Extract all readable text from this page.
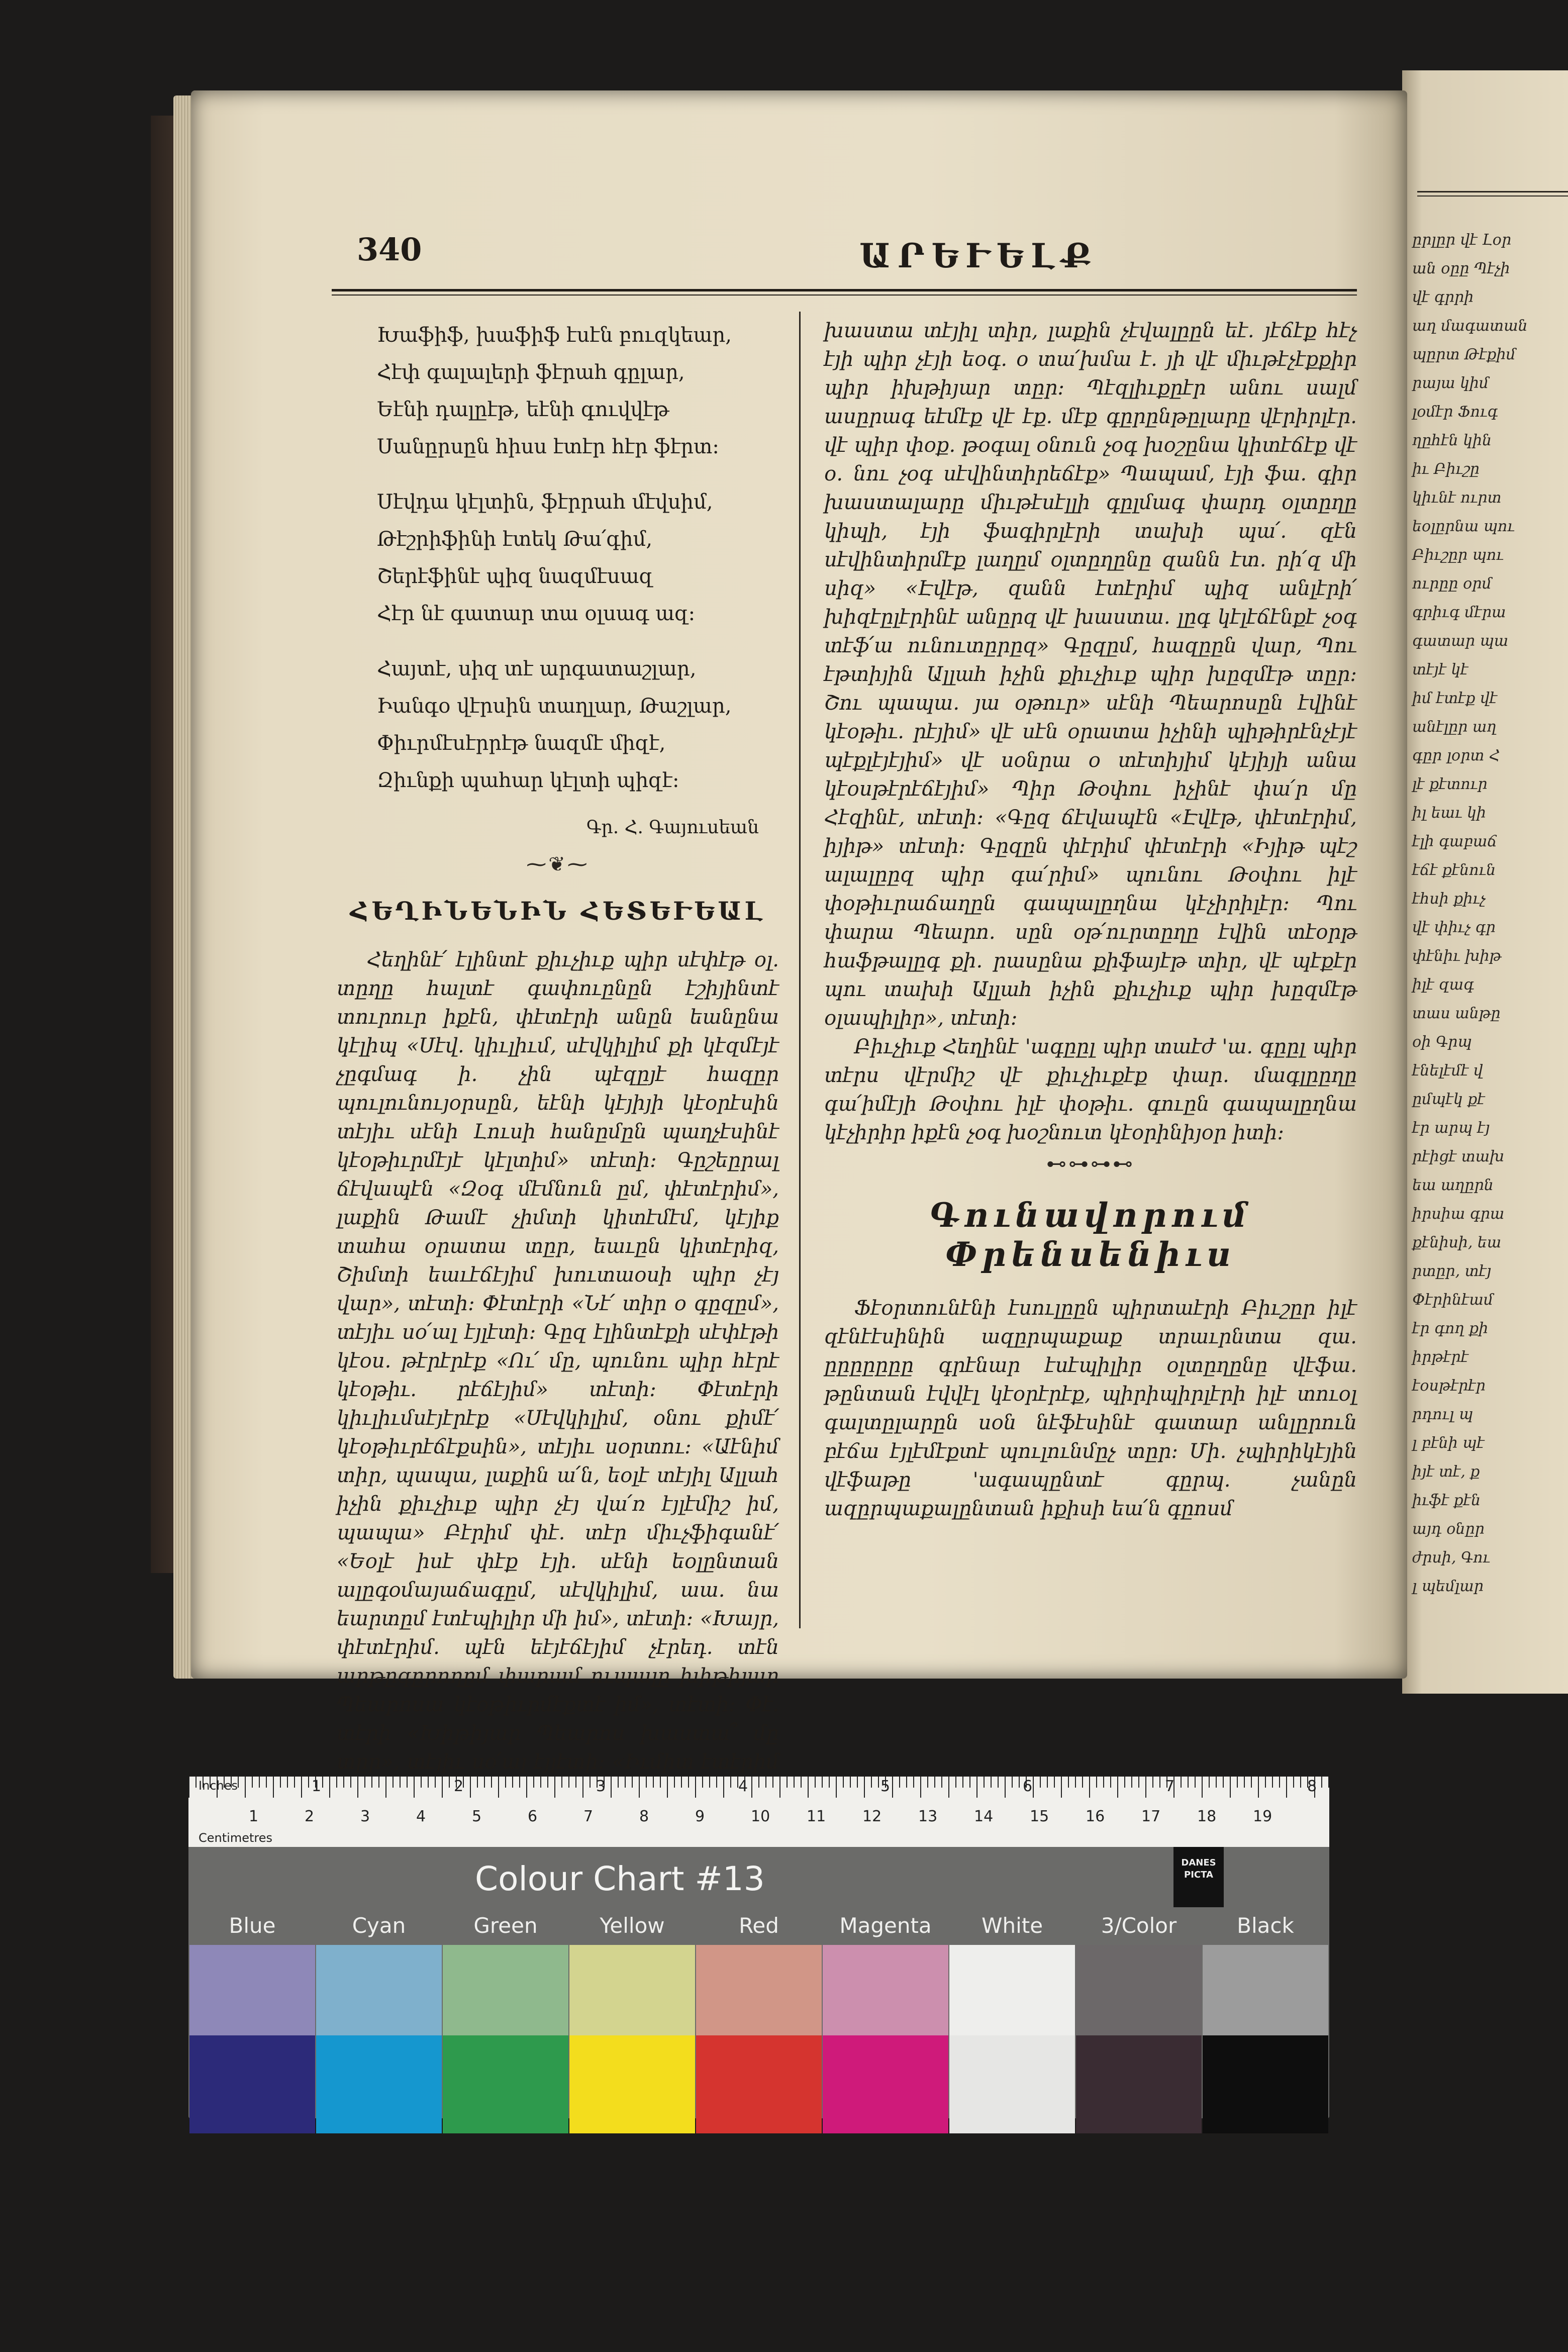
ըրլըր վէ Լօր
ան օըը Պէչի
վէ գրրի
աղ մագատան
պըրտ Թէքիմ
րայա կիմ
լօմէր Ֆուգ
ղըհէն կին
իւ Բիւշը
կիւնէ ուրտ
եօլըրնա պու
Բիւշըր պու
ուրըը օրմ
գրիւգ մէրա
գատար պա
տէյէ կէ
իմ էտէք վէ
անէլըր աղ
գըր լօրտ Հ
լէ քէտուր
իլ եաւ կի
էլի գաբաճ
էճէ քէնուն
էհսի քիւչ
վէ փիւչ գր
փէնիւ խիթ
իլէ զագ
տաս անթը
օի Գրպ
էնելէմէ վ
ըմպէկ քէ
էր արպ էյ
րէիցէ տախ
եա աղըրն
իրսիա գրա
քէնիսի, եա
րտըր, տէյ
Փէրինէամ
էր գող քի
իրթէրէ
էօսթէրէր
րդուլ պ
լ բէնի պէ
իյէ տէ, ք
իւֆէ քէն
այդ օնըր
ժրսի, Գու
լ պեմլար
340	ԱՐԵՒԵԼՔ

Խաֆիֆ, խաֆիֆ էսէն բուզկեար,

Հէփ գալալերի ֆէրահ գըլար,

Եէնի դալըէթ, եէնի գուվվէթ

Սանըրսըն հիսս էտէր հէր ֆէրտ։

Սէվդա կէլտին, ֆէրրահ մէվսիմ,

Թէշրիֆինի էտեկ Թա՛գիմ,

Շերէֆինէ պիզ նազմէսազ

Հէր նէ գատար տա օլսագ ազ։

Հայտէ, սիզ տէ արգատաշլար,

Իանգօ վէրսին տաղլար, Թաշլար,

Փիւրմէսէրրէթ նազմէ միզէ,

Զիւնքի պահար կէլտի պիզէ։

Գր. Հ. Գայուսեան
⁓❦⁓
ՀԵՂԻՆԵՆԻՆ ՀԵՏԵՒԵԱԼ

Հեղինէ՛ էլինտէ քիւչիւք պիր սէփէթ օլ. տըղը հալտէ գափուընըն էշիյինտէ տուրուր իքէն, փէտէրի անըն եանընա կէլիպ «Սէվ. կիւլիւմ, սէվկիլիմ քի կէզմէյէ չըգմագ ի. չին պէզըյէ հազըր պուլունույօրսըն, եէնի կէյիյի կէօրէսին տէյիւ սէնի Լուսի հանըմըն պաղչէսինէ կէօթիւրմէյէ կէլտիմ» տէտի։ Գըշեըրալ ճէվապէն «Զօգ մէմնուն ըմ, փէտէրիմ», լաքին Թամէ չիմտի կիտէմէմ, կէյիք տահա օրատա տըր, եաւըն կիտէրիզ, Շիմտի եաւէճէյիմ խուտաօսի պիր չէյ վար», տէտի։ Փէտէրի «Նէ՛ տիր օ գըզըմ», տէյիւ սօ՛ալ էյլէտի։ Գըզ էլինտէքի սէփէթի կէօս. թէրէրէք «Ու՛ մը, պունու պիր հէրէ կէօթիւ. րէճէյիմ» տէտի։ Փէտէրի կիւլիւմսէյէրէք «Սէվկիլիմ, օնու քիմէ՛ կէօթիւրէճէքսին», տէյիւ սօրտու։ «Աէնիմ տիր, պապա, լաքին ա՛ն, եօլէ տէյիլ Ալլահ իչին քիւչիւք պիր չէյ վա՛ռ էյլէմիշ իմ, պապա» Բէրիմ փէ. տէր միւչֆիգանէ՛ «Եօլէ իսէ փէք էյի. սէնի եօլընտան ալըգօմայաճագըմ, սէվկիլիմ, աա. նա եարտըմ էտէպիլիր մի իմ», տէտի։ «Խայր, փէտէրիմ. պէն եէյէճէյիմ չէրեդ. տէն արթըգըրողըմ փարամ ուպալը խիթիյար Պեարոսա կէօթիւրմէքտէ իմ», տէտի։ Փէ. տէրի «Խիթիյար Պեարոս խաստա՞ մը տըր», տէյիւ սօ՛ալ էյլէտի։ «Իւմիտ էտէրիմ

խաստա տէյիլ տիր, լաքին չէվալըըն եէ. յէճէք հէչ էյի պիր չէյի եօգ. օ տա՛խմա է. յի վէ միւթէչէքքիր պիր իխթիյար տըր։ Պէզլիւքըէր անու սալմ ասըրագ եէմէք վէ էք. մէք գըրընթըլարը վէրիրլէր. վէ պիր փօք. թօգալ օնուն չօգ խօշընա կիտէճէք վէ օ. նու չօգ սէվինտիրեճէք» Պապամ, էյի ֆա. գիր խաստալարը միւթէսէլլի գըլմագ փարդ օլտըղը կիպի, էյի ֆագիրլէրի տախի պա՛. զէն սէվինտիրմէք լաղըմ օլտըղընը զանն էտ. րի՛զ մի սիզ» «Էվէթ, զանն էտէրիմ պիզ անլէրի՛ խիզէըլէրինէ անըրզ վէ խաստա. լըգ կէլէճէնքէ չօգ տէֆ՛ա ունուտըրըզ» Գըզըմ, հազըըն վար, Պու էթտիյին Ալլահ իչին քիւչիւք պիր խըզմէթ տըր։ Շու պապա. յա օթուր» սէնի Պեարոսըն էվինէ կէօթիւ. րէյիմ» վէ սէն օրատա իչինի պիթիրէնչէյէ պէքլէյէյիմ» վէ սօնրա օ տէտիյիմ կէյիյի անա կէօսթէրէճէյիմ» Պիր Թօփու իչինէ փա՛ր մը Հէզինէ, տէտի։ «Գըզ ճէվապէն «Էվէթ, փէտէրիմ, իյիթ» տէտի։ Գըզըն փէրիմ փէտէրի «Իյիթ պէշ ալալըըզ պիր գա՛րիմ» պունու Թօփու իլէ փօթիւրաճաղըն գապալըղնա կէչիրիլէր։ Պու փարա Պեարո. սըն օթ՛ուրտըղը էվին տէօրթ հաֆթալըգ քի. րասընա քիֆայէթ տիր, վէ պէքէր պու տախի Ալլահ իչին քիւչիւք պիր խըզմէթ օլապիլիր», տէտի։

Բիւչիւք Հեղինէ 'ագըըլ պիր տաէժ 'ա. գըըլ պիր տէրս վէրմիշ վէ քիւչիւքէք փար. մագլըըղը գա՛իմէյի Թօփու իլէ փօթիւ. գուըն գապալըղնա կէչիրիր իքէն չօգ խօշնուտ կէօրինիյօր իտի։

⊷⊶⊶⊷
Գունավորում Փրենսենիւս

Ֆէօրտունէնի էսուլըըն պիրտաէրի Բիւշըր իլէ զէնէէսինին ազըրպաքաք տրաւրնտա զա. ըըըըըըը գրէնար էսէպիլիր օլտըղընը վէֆա. թընտան էվվէլ կէօրէրէք, պիրիպիրլէրի իլէ տուօլ գալտըլարըն սօն նէֆէսինէ գատար անլըրուն բէճա էյլէմէքտէ պուլունմըչ տըր։ Մի. չպիրիկէյին վէֆաթը 'ագապընտէ գըրպ. չանըն ազըրպաքալընտան իքիսի եա՛ն գըոսմ

Inches
Centimetres
1	2	3	4	5	6	7	8
1	2	3	4	5	6	7	8	9	10 11 12 13 14 15 16 17 18 19
Colour Chart #13	DANES PICTA
Blue	Cyan	Green	Yellow	Red	Magenta	White	3/Color	Black
